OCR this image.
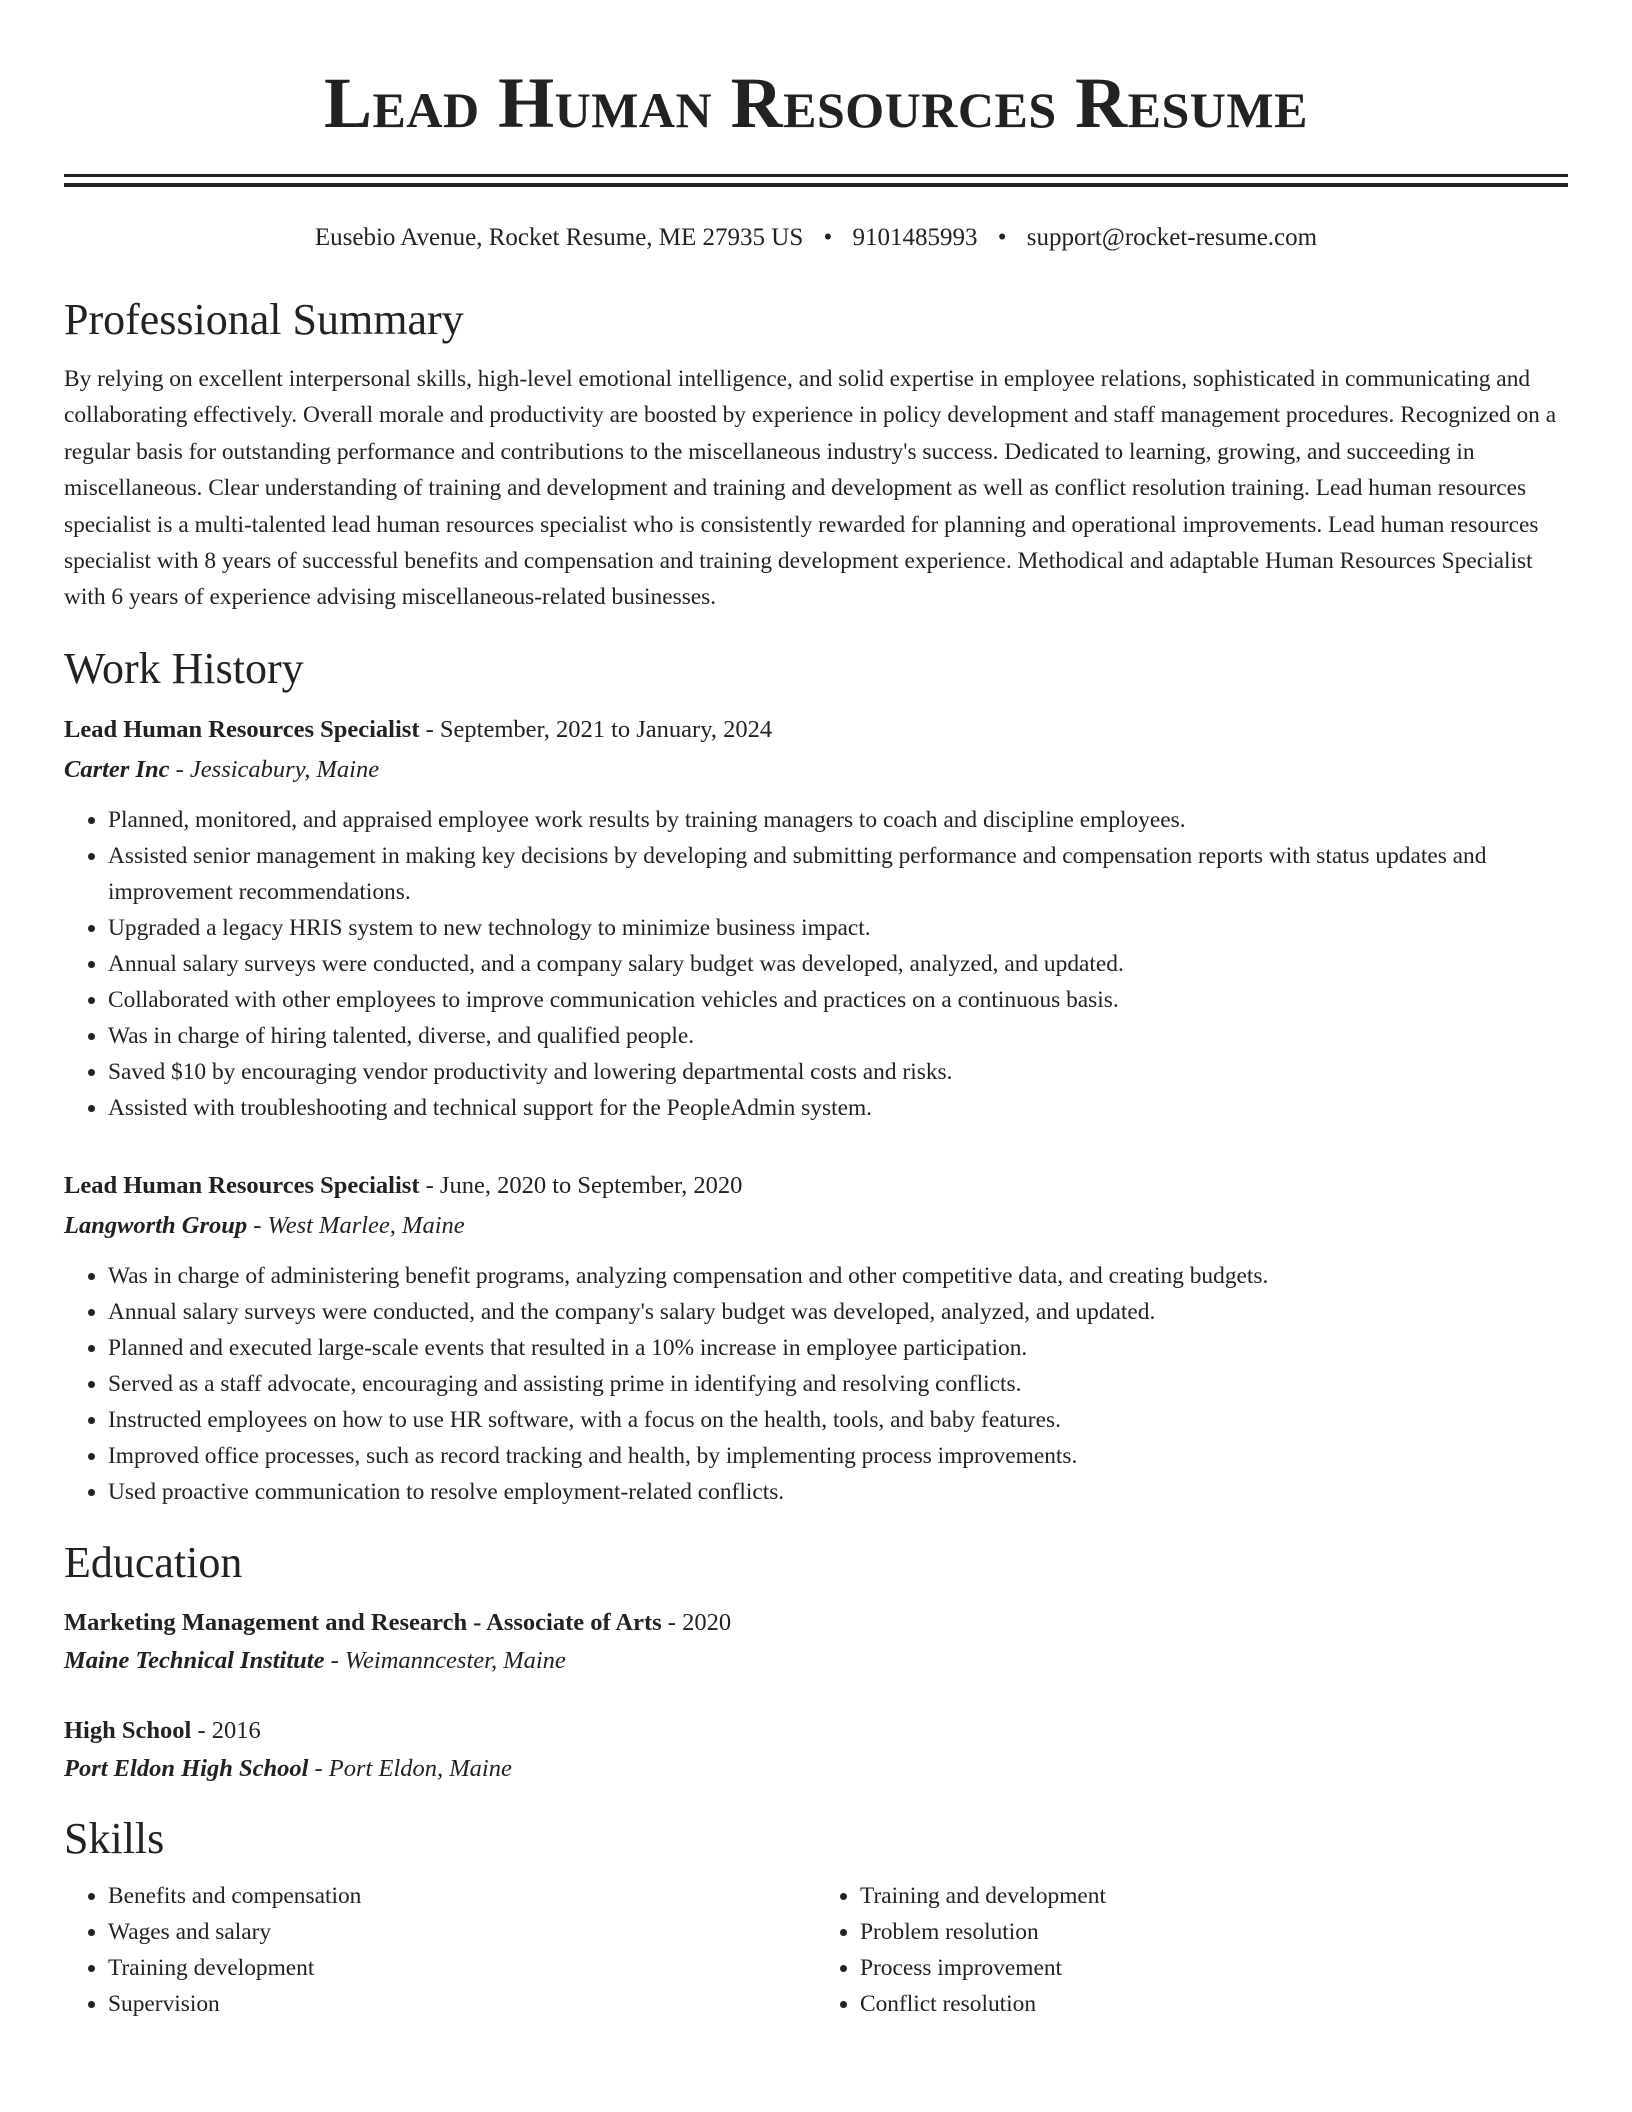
Lead Human Resources Resume
Eusebio Avenue, Rocket Resume, ME 27935 US • 9101485993 • support@rocket-resume.com
Professional Summary
By relying on excellent interpersonal skills, high-level emotional intelligence, and solid expertise in employee relations, sophisticated in communicating and collaborating effectively. Overall morale and productivity are boosted by experience in policy development and staff management procedures. Recognized on a regular basis for outstanding performance and contributions to the miscellaneous industry's success. Dedicated to learning, growing, and succeeding in miscellaneous. Clear understanding of training and development and training and development as well as conflict resolution training. Lead human resources specialist is a multi-talented lead human resources specialist who is consistently rewarded for planning and operational improvements. Lead human resources specialist with 8 years of successful benefits and compensation and training development experience. Methodical and adaptable Human Resources Specialist with 6 years of experience advising miscellaneous-related businesses.
Work History
Lead Human Resources Specialist - September, 2021 to January, 2024
Carter Inc - Jessicabury, Maine
• Planned, monitored, and appraised employee work results by training managers to coach and discipline employees.
• Assisted senior management in making key decisions by developing and submitting performance and compensation reports with status updates and improvement recommendations.
• Upgraded a legacy HRIS system to new technology to minimize business impact.
• Annual salary surveys were conducted, and a company salary budget was developed, analyzed, and updated.
• Collaborated with other employees to improve communication vehicles and practices on a continuous basis.
• Was in charge of hiring talented, diverse, and qualified people.
• Saved $10 by encouraging vendor productivity and lowering departmental costs and risks.
• Assisted with troubleshooting and technical support for the PeopleAdmin system.
Lead Human Resources Specialist - June, 2020 to September, 2020
Langworth Group - West Marlee, Maine
• Was in charge of administering benefit programs, analyzing compensation and other competitive data, and creating budgets.
• Annual salary surveys were conducted, and the company's salary budget was developed, analyzed, and updated.
• Planned and executed large-scale events that resulted in a 10% increase in employee participation.
• Served as a staff advocate, encouraging and assisting prime in identifying and resolving conflicts.
• Instructed employees on how to use HR software, with a focus on the health, tools, and baby features.
• Improved office processes, such as record tracking and health, by implementing process improvements.
• Used proactive communication to resolve employment-related conflicts.
Education
Marketing Management and Research - Associate of Arts - 2020
Maine Technical Institute - Weimanncester, Maine
High School - 2016
Port Eldon High School - Port Eldon, Maine
Skills
• Benefits and compensation
• Wages and salary
• Training development
• Supervision
• Training and development
• Problem resolution
• Process improvement
• Conflict resolution
